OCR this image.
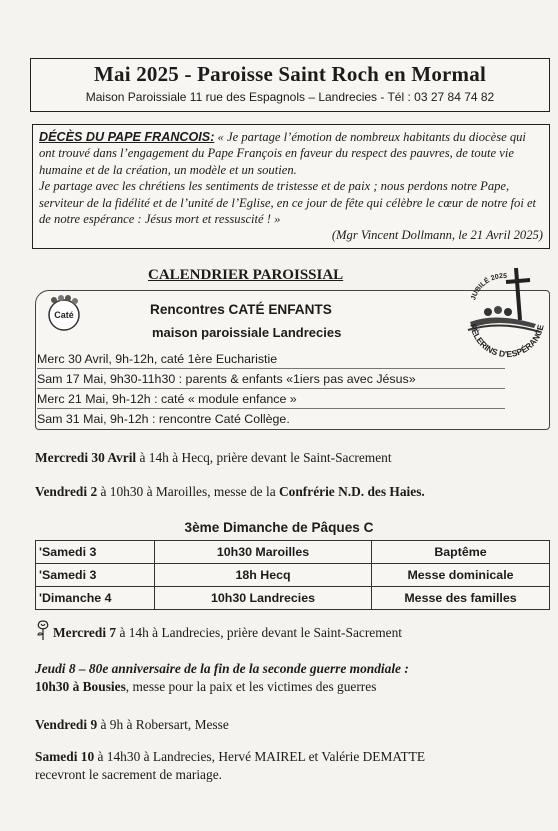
Mai 2025 - Paroisse Saint Roch en Mormal
Maison Paroissiale 11 rue des Espagnols – Landrecies - Tél : 03 27 84 74 82

DÉCÈS DU PAPE FRANCOIS: « Je partage l’émotion de nombreux habitants du diocèse qui ont trouvé dans l’engagement du Pape François en faveur du respect des pauvres, de toute vie humaine et de la création, un modèle et un soutien.

Je partage avec les chrétiens les sentiments de tristesse et de paix ; nous perdons notre Pape, serviteur de la fidélité et de l’unité de l’Eglise, en ce jour de fête qui célèbre le cœur de notre foi et de notre espérance : Jésus mort et ressuscité ! »

(Mgr Vincent Dollmann, le 21 Avril 2025)

CALENDRIER PAROISSIAL
Caté
JUBILÉ 2025
PÈLERINS D'ESPÉRANCE
Rencontres CATÉ ENFANTS
maison paroissiale Landrecies
Merc 30 Avril, 9h-12h, caté 1ère Eucharistie
Sam 17 Mai, 9h30-11h30 : parents & enfants «1iers pas avec Jésus»
Merc 21 Mai, 9h-12h : caté « module enfance »
Sam 31 Mai, 9h-12h : rencontre Caté Collège.
Mercredi 30 Avril à 14h à Hecq, prière devant le Saint-Sacrement
Vendredi 2 à 10h30 à Maroilles, messe de la Confrérie N.D. des Haies.
3ème Dimanche de Pâques C
'Samedi 3	10h30 Maroilles	Baptême
'Samedi 3	18h Hecq	Messe dominicale
'Dimanche 4	10h30 Landrecies	Messe des familles
Mercredi 7 à 14h à Landrecies, prière devant le Saint-Sacrement
Jeudi 8 – 80e anniversaire de la fin de la seconde guerre mondiale :
10h30 à Bousies, messe pour la paix et les victimes des guerres
Vendredi 9 à 9h à Robersart, Messe
Samedi 10 à 14h30 à Landrecies, Hervé MAIREL et Valérie DEMATTE
recevront le sacrement de mariage.
